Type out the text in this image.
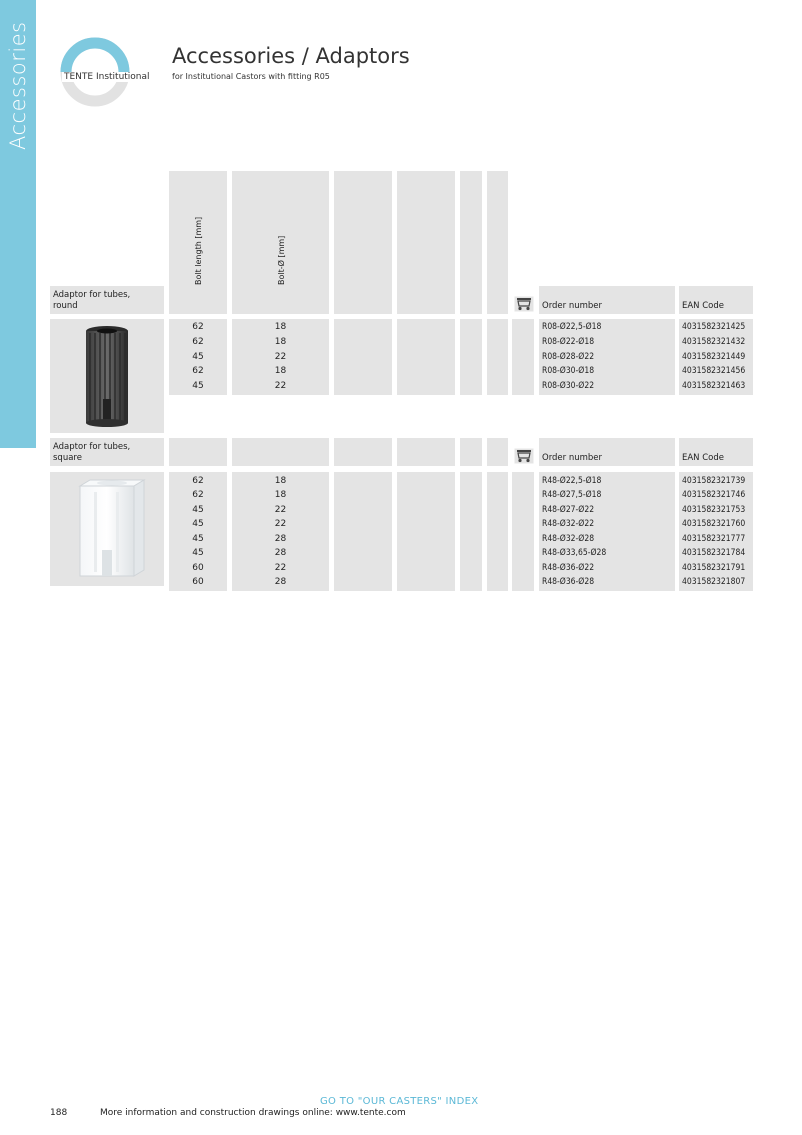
Accessories	TENTE Institutional
Accessories / Adaptors
for Institutional Castors with fitting R05
Bolt length [mm]	Bolt-Ø [mm]
Adaptor for tubes,
round	Order number	EAN Code
62	18	R08-Ø22,5-Ø18	4031582321425
62	18	R08-Ø22-Ø18	4031582321432
45	22	R08-Ø28-Ø22	4031582321449
62	18	R08-Ø30-Ø18	4031582321456
45	22	R08-Ø30-Ø22	4031582321463
Adaptor for tubes,
square	Order number	EAN Code
62	18	R48-Ø22,5-Ø18	4031582321739
62	18	R48-Ø27,5-Ø18	4031582321746
45	22	R48-Ø27-Ø22	4031582321753
45	22	R48-Ø32-Ø22	4031582321760
45	28	R48-Ø32-Ø28	4031582321777
45	28	R48-Ø33,65-Ø28	4031582321784
60	22	R48-Ø36-Ø22	4031582321791
60	28	R48-Ø36-Ø28	4031582321807
GO TO "OUR CASTERS" INDEX
188	More information and construction drawings online: www.tente.com
